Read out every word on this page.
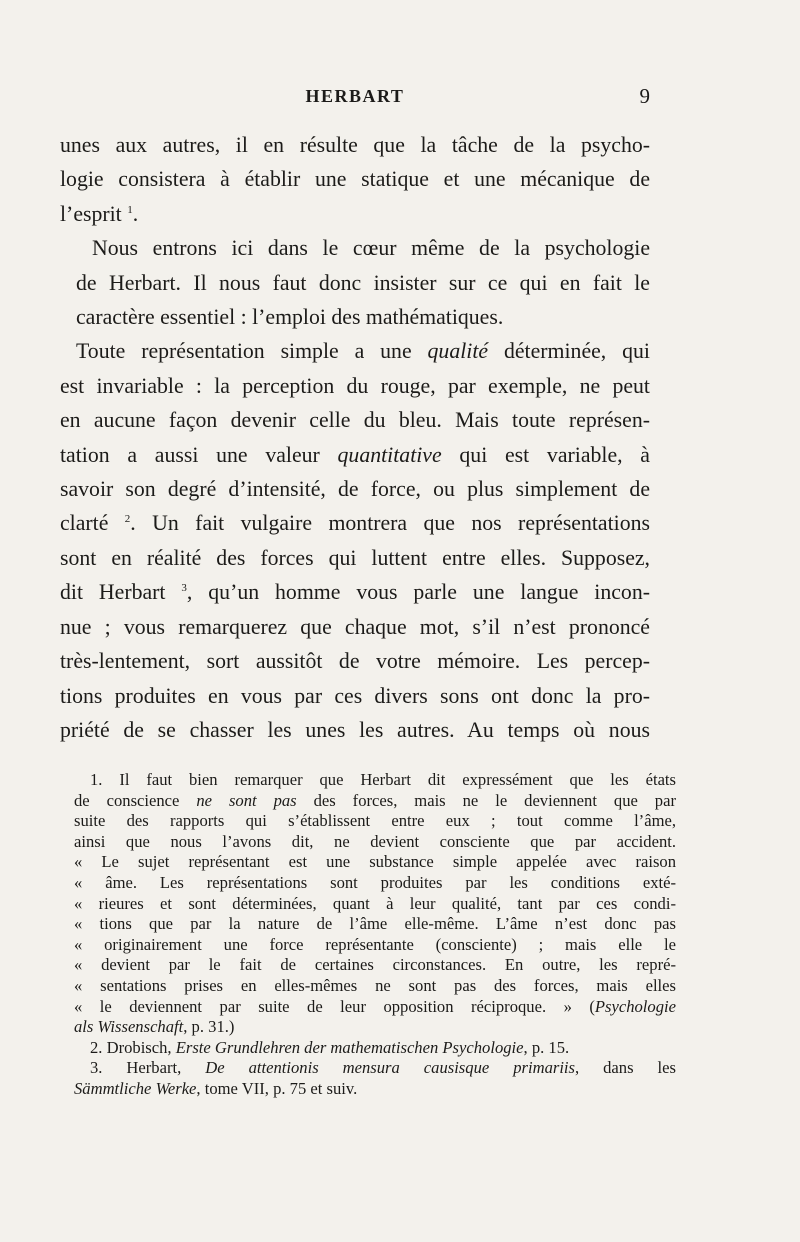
HERBART	9

unes aux autres, il en résulte que la tâche de la psycho-
logie consistera à établir une statique et une mécanique de
l’esprit $^1$.

Nous entrons ici dans le cœur même de la psychologie
de Herbart. Il nous faut donc insister sur ce qui en fait le
caractère essentiel : l’emploi des mathématiques.

Toute représentation simple a une qualité déterminée, qui
est invariable : la perception du rouge, par exemple, ne peut
en aucune façon devenir celle du bleu. Mais toute représen-
tation a aussi une valeur quantitative qui est variable, à
savoir son degré d’intensité, de force, ou plus simplement de
clarté $^2$. Un fait vulgaire montrera que nos représentations
sont en réalité des forces qui luttent entre elles. Supposez,
dit Herbart $^3$, qu’un homme vous parle une langue incon-
nue ; vous remarquerez que chaque mot, s’il n’est prononcé
très-lentement, sort aussitôt de votre mémoire. Les percep-
tions produites en vous par ces divers sons ont donc la pro-
priété de se chasser les unes les autres. Au temps où nous

1. Il faut bien remarquer que Herbart dit expressément que les états
de conscience ne sont pas des forces, mais ne le deviennent que par
suite des rapports qui s’établissent entre eux ; tout comme l’âme,
ainsi que nous l’avons dit, ne devient consciente que par accident.
« Le sujet représentant est une substance simple appelée avec raison
« âme. Les représentations sont produites par les conditions exté-
« rieures et sont déterminées, quant à leur qualité, tant par ces condi-
« tions que par la nature de l’âme elle-même. L’âme n’est donc pas
« originairement une force représentante (consciente) ; mais elle le
« devient par le fait de certaines circonstances. En outre, les repré-
« sentations prises en elles-mêmes ne sont pas des forces, mais elles
« le deviennent par suite de leur opposition réciproque. » (Psychologie
als Wissenschaft, p. 31.)

2. Drobisch, Erste Grundlehren der mathematischen Psychologie, p. 15.

3. Herbart, De attentionis mensura causisque primariis, dans les
Sämmtliche Werke, tome VII, p. 75 et suiv.
